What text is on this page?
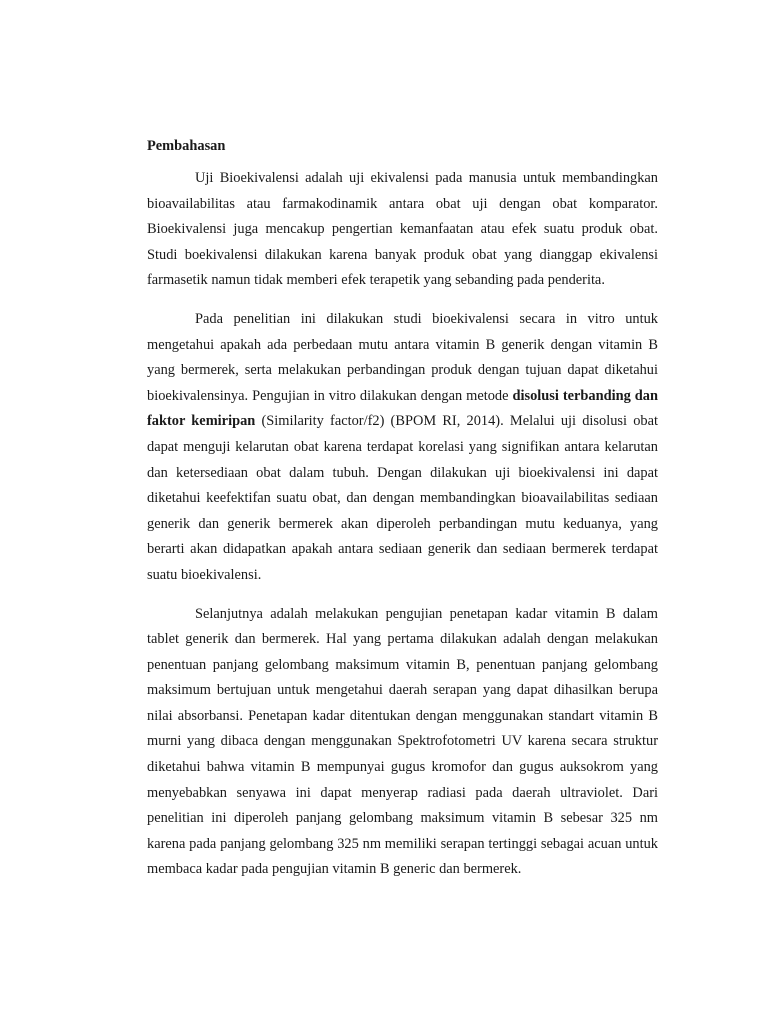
Pembahasan

Uji Bioekivalensi adalah uji ekivalensi pada manusia untuk membandingkan bioavailabilitas atau farmakodinamik antara obat uji dengan obat komparator. Bioekivalensi juga mencakup pengertian kemanfaatan atau efek suatu produk obat. Studi boekivalensi dilakukan karena banyak produk obat yang dianggap ekivalensi farmasetik namun tidak memberi efek terapetik yang sebanding pada penderita.

Pada penelitian ini dilakukan studi bioekivalensi secara in vitro untuk mengetahui apakah ada perbedaan mutu antara vitamin B generik dengan vitamin B yang bermerek, serta melakukan perbandingan produk dengan tujuan dapat diketahui bioekivalensinya. Pengujian in vitro dilakukan dengan metode disolusi terbanding dan faktor kemiripan (Similarity factor/f2) (BPOM RI, 2014). Melalui uji disolusi obat dapat menguji kelarutan obat karena terdapat korelasi yang signifikan antara kelarutan dan ketersediaan obat dalam tubuh. Dengan dilakukan uji bioekivalensi ini dapat diketahui keefektifan suatu obat, dan dengan membandingkan bioavailabilitas sediaan generik dan generik bermerek akan diperoleh perbandingan mutu keduanya, yang berarti akan didapatkan apakah antara sediaan generik dan sediaan bermerek terdapat suatu bioekivalensi.

Selanjutnya adalah melakukan pengujian penetapan kadar vitamin B dalam tablet generik dan bermerek. Hal yang pertama dilakukan adalah dengan melakukan penentuan panjang gelombang maksimum vitamin B, penentuan panjang gelombang maksimum bertujuan untuk mengetahui daerah serapan yang dapat dihasilkan berupa nilai absorbansi. Penetapan kadar ditentukan dengan menggunakan standart vitamin B murni yang dibaca dengan menggunakan Spektrofotometri UV karena secara struktur diketahui bahwa vitamin B mempunyai gugus kromofor dan gugus auksokrom yang menyebabkan senyawa ini dapat menyerap radiasi pada daerah ultraviolet. Dari penelitian ini diperoleh panjang gelombang maksimum vitamin B sebesar 325 nm karena pada panjang gelombang 325 nm memiliki serapan tertinggi sebagai acuan untuk membaca kadar pada pengujian vitamin B generic dan bermerek.
